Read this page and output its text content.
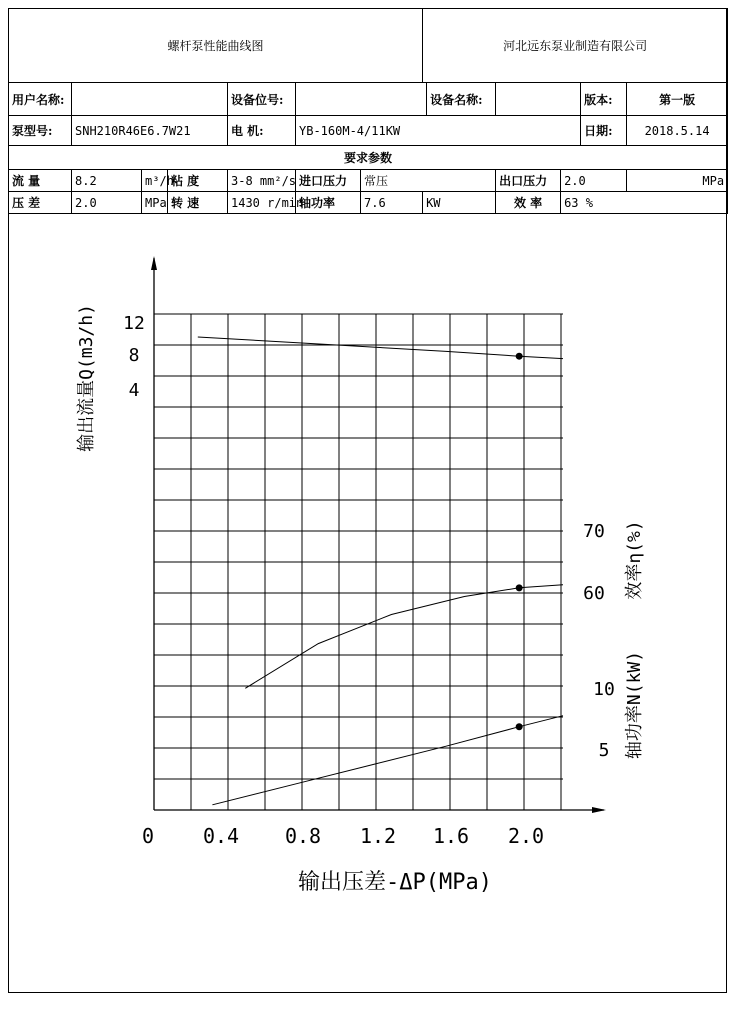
螺杆泵性能曲线图							河北远东泵业制造有限公司					
用户名称:				设备位号:				设备名称:			版本:	第一版
泵型号:	SNH210R46E6.7W21			电 机:	YB-160M-4/11KW						日期:	2018.5.14
要求参数												
流 量	8.2	m³/h	粘 度	3-8 mm²/s	进口压力	常压			出口压力	2.0		MPa
压 差	2.0	MPa	转 速	1430 r/min	轴功率	7.6	KW		效 率	63 %		
0 0.4 0.8 1.2 1.6 2.0
输出压差-ΔP(MPa)
输出流量Q(m3/h)
效率η(%)
轴功率N(kW)
12
8
4
70
60
10
5
